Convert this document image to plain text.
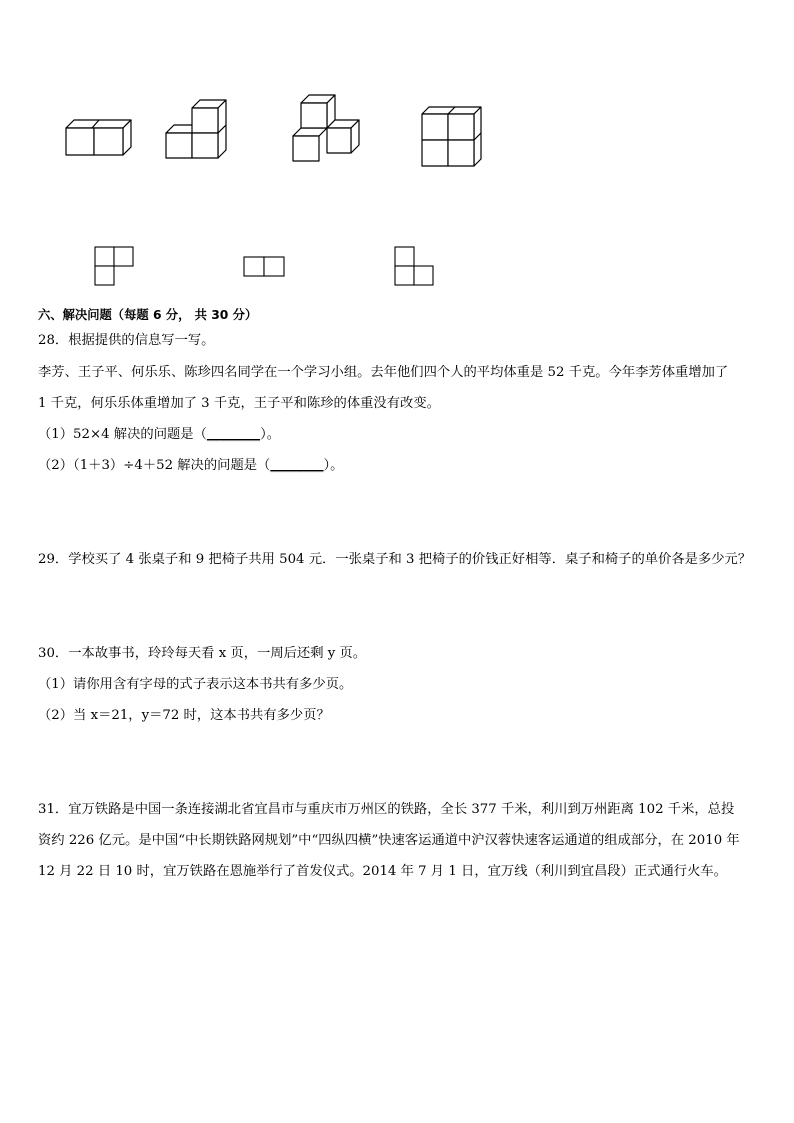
六、解决问题（每题 6 分， 共 30 分）
28．根据提供的信息写一写。
李芳、王子平、何乐乐、陈珍四名同学在一个学习小组。去年他们四个人的平均体重是 52 千克。今年李芳体重增加了
1 千克，何乐乐体重增加了 3 千克，王子平和陈珍的体重没有改变。
（1）52×4 解决的问题是（________）。
（2）（1＋3）÷4＋52 解决的问题是（________）。
29．学校买了 4 张桌子和 9 把椅子共用 504 元．一张桌子和 3 把椅子的价钱正好相等．桌子和椅子的单价各是多少元？
30．一本故事书，玲玲每天看 x 页，一周后还剩 y 页。
（1）请你用含有字母的式子表示这本书共有多少页。
（2）当 x＝21，y＝72 时，这本书共有多少页？
31．宜万铁路是中国一条连接湖北省宜昌市与重庆市万州区的铁路，全长 377 千米，利川到万州距离 102 千米，总投
资约 226 亿元。是中国“中长期铁路网规划”中“四纵四横”快速客运通道中沪汉蓉快速客运通道的组成部分，在 2010 年
12 月 22 日 10 时，宜万铁路在恩施举行了首发仪式。2014 年 7 月 1 日，宜万线（利川到宜昌段）正式通行火车。
